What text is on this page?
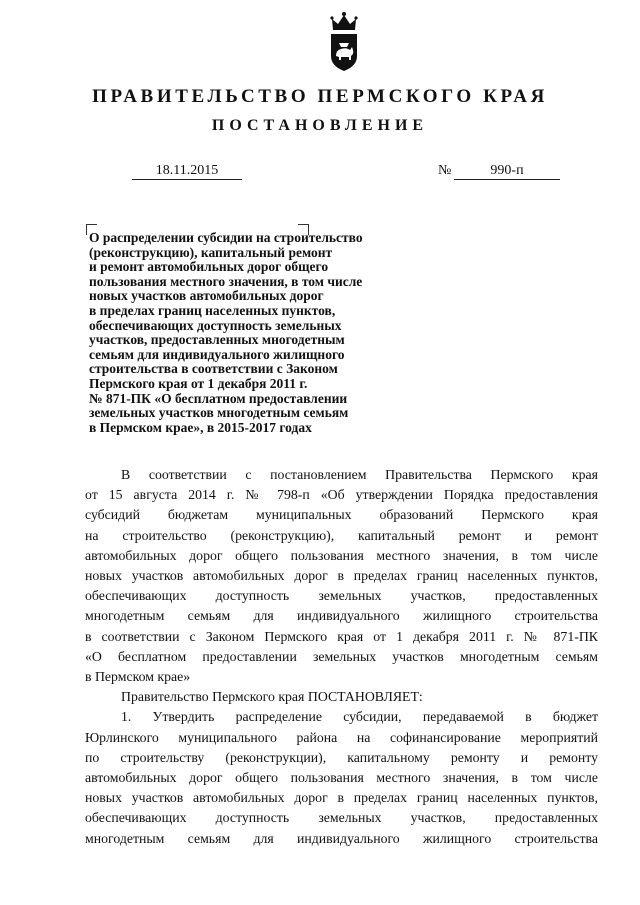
ПРАВИТЕЛЬСТВО ПЕРМСКОГО КРАЯ
ПОСТАНОВЛЕНИЕ
18.11.2015	№	990-п
О распределении субсидии на строительство
(реконструкцию), капитальный ремонт
и ремонт автомобильных дорог общего
пользования местного значения, в том числе
новых участков автомобильных дорог
в пределах границ населенных пунктов,
обеспечивающих доступность земельных
участков, предоставленных многодетным
семьям для индивидуального жилищного
строительства в соответствии с Законом
Пермского края от 1 декабря 2011 г.
№ 871-ПК «О бесплатном предоставлении
земельных участков многодетным семьям
в Пермском крае», в 2015-2017 годах
В соответствии с постановлением Правительства Пермского края
от 15 августа 2014 г. № 798-п «Об утверждении Порядка предоставления
субсидий бюджетам муниципальных образований Пермского края
на строительство (реконструкцию), капитальный ремонт и ремонт
автомобильных дорог общего пользования местного значения, в том числе
новых участков автомобильных дорог в пределах границ населенных пунктов,
обеспечивающих доступность земельных участков, предоставленных
многодетным семьям для индивидуального жилищного строительства
в соответствии с Законом Пермского края от 1 декабря 2011 г. № 871-ПК
«О бесплатном предоставлении земельных участков многодетным семьям
в Пермском крае»
Правительство Пермского края ПОСТАНОВЛЯЕТ:
1. Утвердить распределение субсидии, передаваемой в бюджет
Юрлинского муниципального района на софинансирование мероприятий
по строительству (реконструкции), капитальному ремонту и ремонту
автомобильных дорог общего пользования местного значения, в том числе
новых участков автомобильных дорог в пределах границ населенных пунктов,
обеспечивающих доступность земельных участков, предоставленных
многодетным семьям для индивидуального жилищного строительства
